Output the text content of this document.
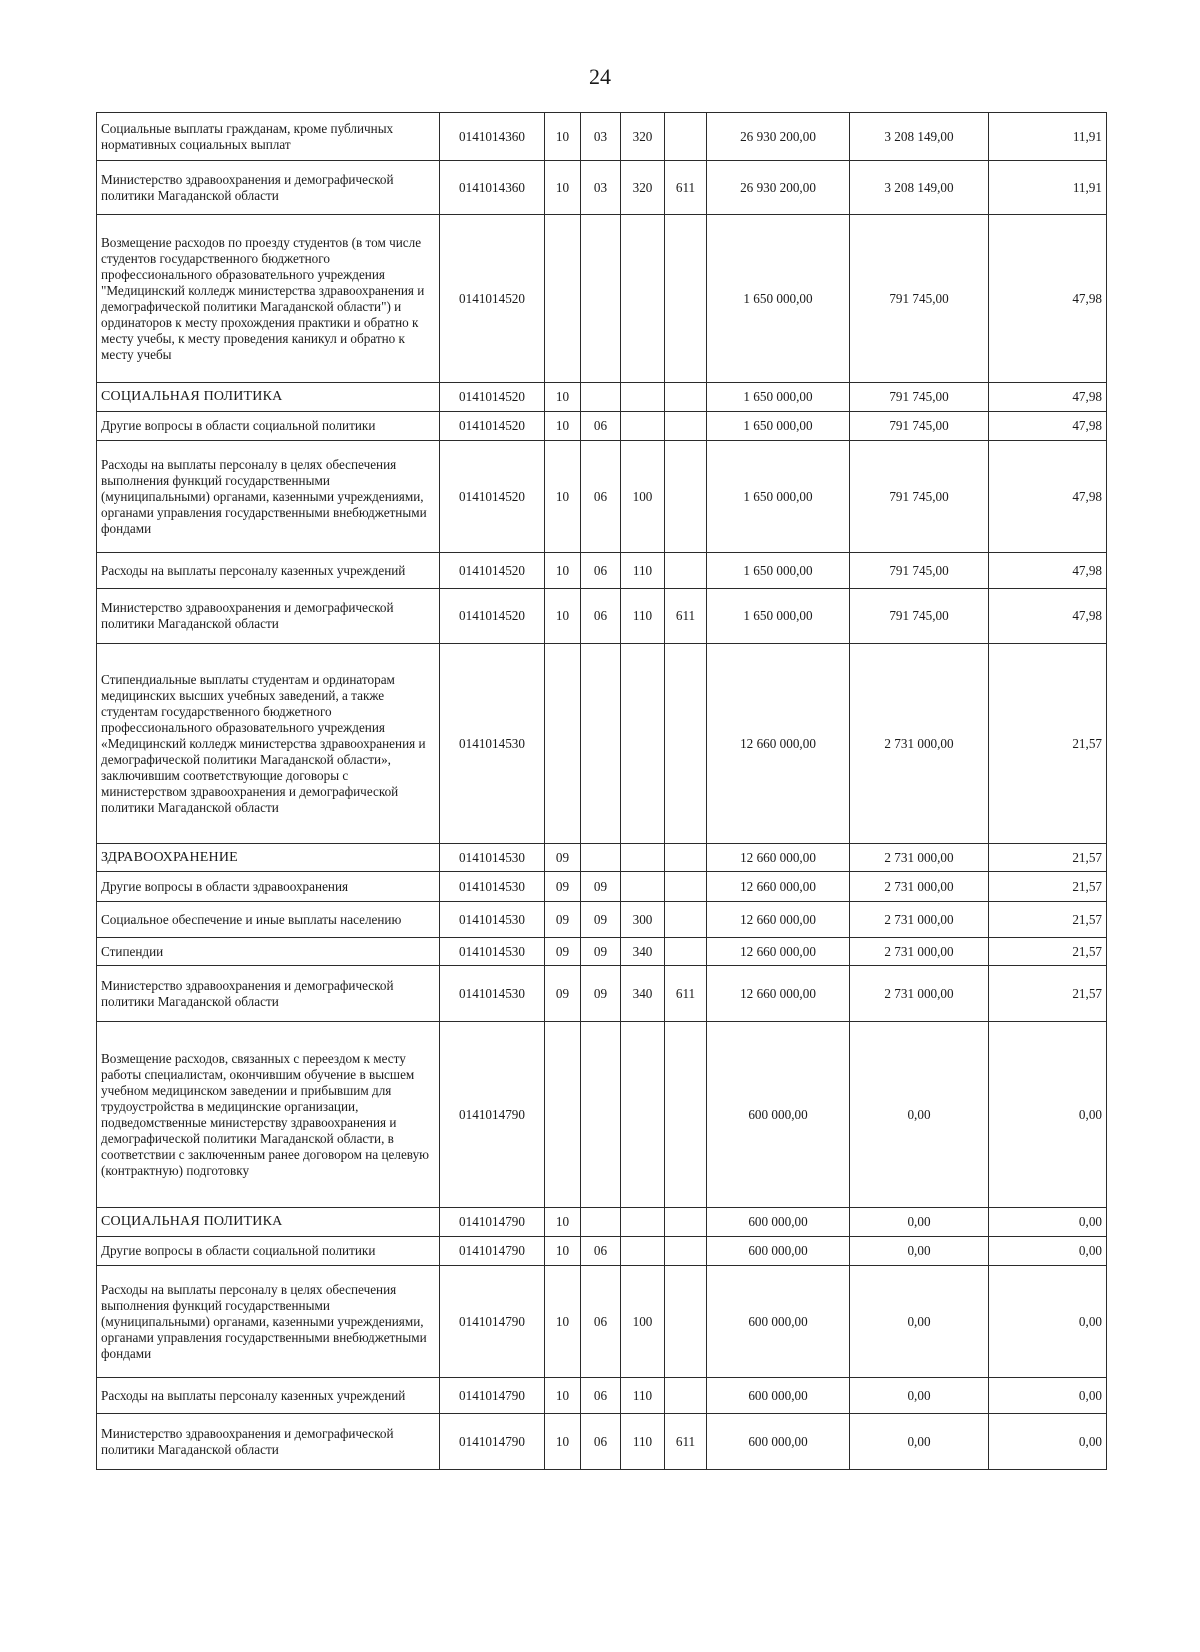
24
Социальные выплаты гражданам, кроме публичных нормативных социальных выплат	0141014360	10	03	320		26 930 200,00	3 208 149,00	11,91
Министерство здравоохранения и демографической политики Магаданской области	0141014360	10	03	320	611	26 930 200,00	3 208 149,00	11,91
Возмещение расходов по проезду студентов (в том числе студентов государственного бюджетного профессионального образовательного учреждения "Медицинский колледж министерства здравоохранения и демографической политики Магаданской области") и ординаторов к месту прохождения практики и обратно к месту учебы, к месту проведения каникул и обратно к месту учебы	0141014520					1 650 000,00	791 745,00	47,98
СОЦИАЛЬНАЯ ПОЛИТИКА	0141014520	10				1 650 000,00	791 745,00	47,98
Другие вопросы в области социальной политики	0141014520	10	06			1 650 000,00	791 745,00	47,98
Расходы на выплаты персоналу в целях обеспечения выполнения функций государственными (муниципальными) органами, казенными учреждениями, органами управления государственными внебюджетными фондами	0141014520	10	06	100		1 650 000,00	791 745,00	47,98
Расходы на выплаты персоналу казенных учреждений	0141014520	10	06	110		1 650 000,00	791 745,00	47,98
Министерство здравоохранения и демографической политики Магаданской области	0141014520	10	06	110	611	1 650 000,00	791 745,00	47,98
Стипендиальные выплаты студентам и ординаторам медицинских высших учебных заведений, а также студентам государственного бюджетного профессионального образовательного учреждения «Медицинский колледж министерства здравоохранения и демографической политики Магаданской области», заключившим соответствующие договоры с министерством здравоохранения и демографической политики Магаданской области	0141014530					12 660 000,00	2 731 000,00	21,57
ЗДРАВООХРАНЕНИЕ	0141014530	09				12 660 000,00	2 731 000,00	21,57
Другие вопросы в области здравоохранения	0141014530	09	09			12 660 000,00	2 731 000,00	21,57
Социальное обеспечение и иные выплаты населению	0141014530	09	09	300		12 660 000,00	2 731 000,00	21,57
Стипендии	0141014530	09	09	340		12 660 000,00	2 731 000,00	21,57
Министерство здравоохранения и демографической политики Магаданской области	0141014530	09	09	340	611	12 660 000,00	2 731 000,00	21,57
Возмещение расходов, связанных с переездом к месту работы специалистам, окончившим обучение в высшем учебном медицинском заведении и прибывшим для трудоустройства в медицинские организации, подведомственные министерству здравоохранения и демографической политики Магаданской области, в соответствии с заключенным ранее договором на целевую (контрактную) подготовку	0141014790					600 000,00	0,00	0,00
СОЦИАЛЬНАЯ ПОЛИТИКА	0141014790	10				600 000,00	0,00	0,00
Другие вопросы в области социальной политики	0141014790	10	06			600 000,00	0,00	0,00
Расходы на выплаты персоналу в целях обеспечения выполнения функций государственными (муниципальными) органами, казенными учреждениями, органами управления государственными внебюджетными фондами	0141014790	10	06	100		600 000,00	0,00	0,00
Расходы на выплаты персоналу казенных учреждений	0141014790	10	06	110		600 000,00	0,00	0,00
Министерство здравоохранения и демографической политики Магаданской области	0141014790	10	06	110	611	600 000,00	0,00	0,00
